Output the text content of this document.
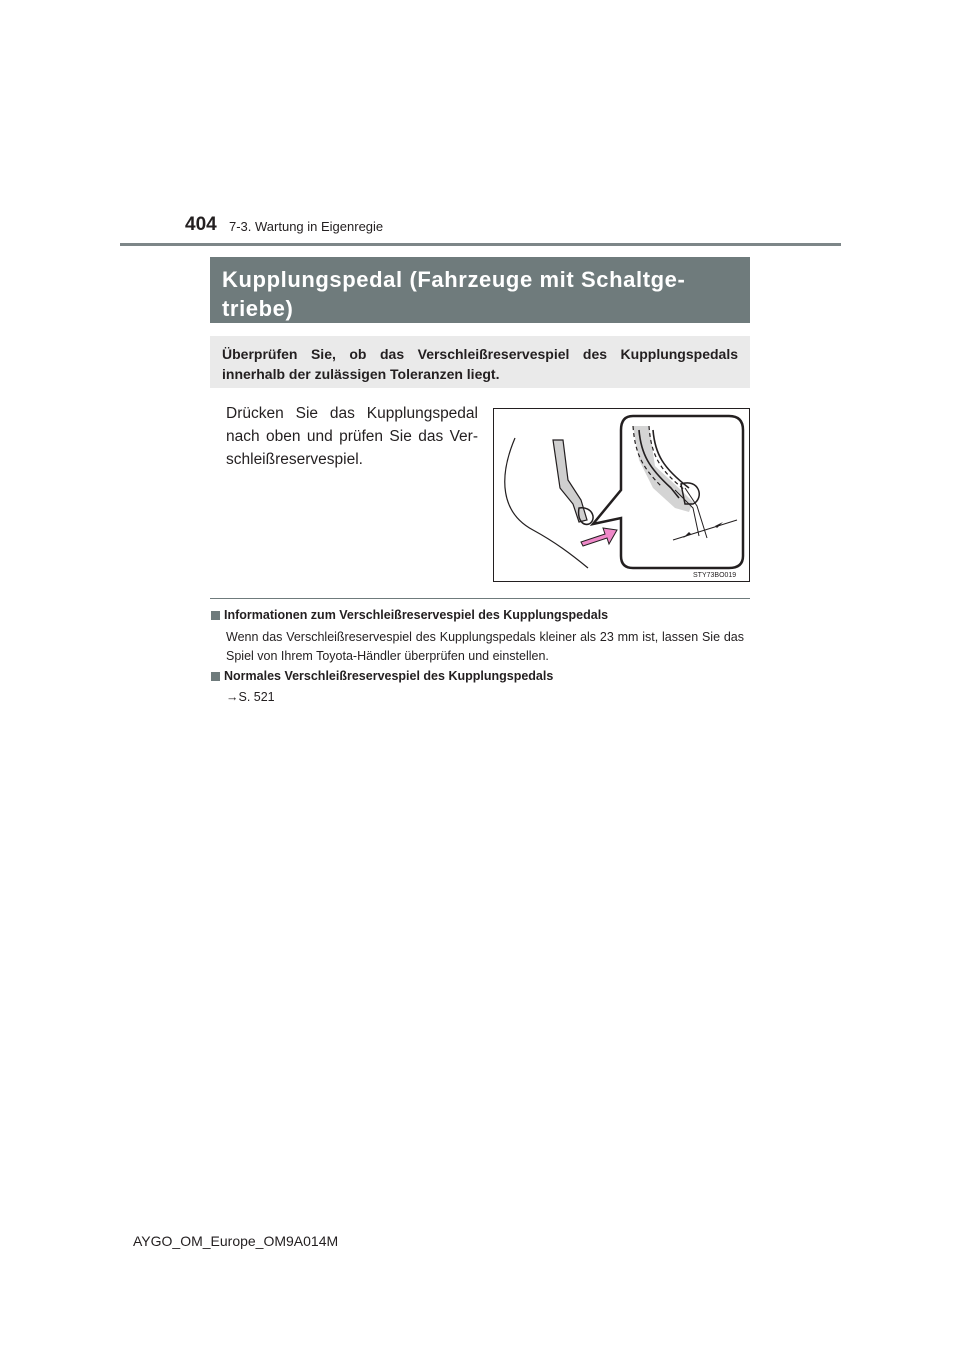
404 7-3. Wartung in Eigenregie
Kupplungspedal (Fahrzeuge mit Schaltge-
triebe)
Überprüfen Sie, ob das Verschleißreservespiel des Kupplungspedals innerhalb der zulässigen Toleranzen liegt.
Drücken Sie das Kupplungspedal nach oben und prüfen Sie das Ver-schleißreservespiel.
STY73BO019
Informationen zum Verschleißreservespiel des Kupplungspedals
Wenn das Verschleißreservespiel des Kupplungspedals kleiner als 23 mm ist, lassen Sie das Spiel von Ihrem Toyota-Händler überprüfen und einstellen.
Normales Verschleißreservespiel des Kupplungspedals
→S. 521
AYGO_OM_Europe_OM9A014M
